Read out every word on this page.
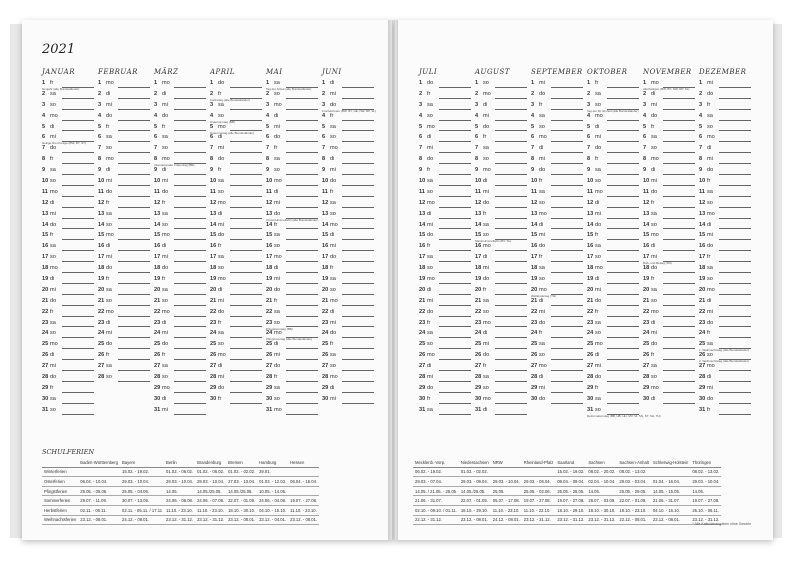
2021
JANUAR
1 fr
Neujahr (alle Bundesländer)
2 sa
3 so
4 mo
5 di
6 mi
Heilige Drei Könige (BW, BY, ST)
7 do
8 fr
9 sa
10 so
11 mo
12 di
13 mi
14 do
15 fr
16 sa
17 so
18 mo
19 di
20 mi
21 do
22 fr
23 sa
24 so
25 mo
26 di
27 mi
28 do
29 fr
30 sa
31 so
FEBRUAR
1 mo
2 di
3 mi
4 do
5 fr
6 sa
7 so
8 mo
9 di
10 mi
11 do
12 fr
13 sa
14 so
15 mo
16 di
17 mi
18 do
19 fr
20 sa
21 so
22 mo
23 di
24 mi
25 do
26 fr
27 sa
28 so
MÄRZ
1 mo
2 di
3 mi
4 do
5 fr
6 sa
7 so
8 mo
Internationaler Frauentag (BE)
9 di
10 mi
11 do
12 fr
13 sa
14 so
15 mo
16 di
17 mi
18 do
19 fr
20 sa
21 so
22 mo
23 di
24 mi
25 do
26 fr
27 sa
28 so
29 mo
30 di
31 mi
APRIL
1 do
2 fr
Karfreitag (alle Bundesländer)
3 sa
4 so
Ostersonntag (BB)
5 mo
Ostermontag (alle Bundesländer)
6 di
7 mi
8 do
9 fr
10 sa
11 so
12 mo
13 di
14 mi
15 do
16 fr
17 sa
18 so
19 mo
20 di
21 mi
22 do
23 fr
24 sa
25 so
26 mo
27 di
28 mi
29 do
30 fr
MAI
1 sa
Tag der Arbeit (alle Bundesländer)
2 so
3 mo
4 di
5 mi
6 do
7 fr
8 sa
9 so
10 mo
11 di
12 mi
13 do
Christi Himmelfahrt (alle Bundesländer)
14 fr
15 sa
16 so
17 mo
18 di
19 mi
20 do
21 fr
22 sa
23 so
Pfingstsonntag (BB)
24 mo
Pfingstmontag (alle Bundesländer)
25 di
26 mi
27 do
28 fr
29 sa
30 so
31 mo
JUNI
1 di
2 mi
3 do
Fronleichnam (BW, BY, HE, NW, RP, SL)
4 fr
5 sa
6 so
7 mo
8 di
9 mi
10 do
11 fr
12 sa
13 so
14 mo
15 di
16 mi
17 do
18 fr
19 sa
20 so
21 mo
22 di
23 mi
24 do
25 fr
26 sa
27 so
28 mo
29 di
30 mi
SCHULFERIEN
	Baden-Württemberg	Bayern	Berlin	Brandenburg	Bremen	Hamburg	Hessen
Winterferien		15.02. - 19.02.	01.02. - 06.02.	01.02. - 06.02.	01.02. - 02.02.	29.01.	
Osterferien	06.04. - 10.04.	29.03. - 10.04.	29.03. - 10.04.	29.03. - 10.04.	27.03. - 10.04.	01.03. - 12.03.	06.04. - 16.04.
Pfingstferien	25.05. - 05.06.	25.05. - 04.06.	14.05.	14.05./25.05.	14.05./25.05.	10.05. - 14.05.	
Sommerferien	29.07. - 11.09.	30.07. - 13.09.	24.06. - 06.08.	24.06. - 07.08.	22.07. - 01.09.	24.06. - 04.08.	19.07. - 27.08.
Herbstferien	02.11. - 06.11.	02.11. - 05.11. / 17.11	11.10. - 23.10.	11.10. - 23.10.	18.10. - 30.10.	04.10. - 15.10.	11.10. - 23.10.
Weihnachtsferien	23.12. - 08.01.	24.12. - 08.01.	23.12. - 31.12.	23.12. - 31.12.	23.12. - 08.01.	23.12. - 04.01.	23.12. - 08.01.
JULI
1 do
2 fr
3 sa
4 so
5 mo
6 di
7 mi
8 do
9 fr
10 sa
11 so
12 mo
13 di
14 mi
15 do
16 fr
17 sa
18 so
19 mo
20 di
21 mi
22 do
23 fr
24 sa
25 so
26 mo
27 di
28 mi
29 do
30 fr
31 sa
AUGUST
1 so
2 mo
3 di
4 mi
5 do
6 fr
7 sa
8 so
9 mo
10 di
11 mi
12 do
13 fr
14 sa
15 so
Mariä Himmelfahrt (BY, SL)
16 mo
17 di
18 mi
19 do
20 fr
21 sa
22 so
23 mo
24 di
25 mi
26 do
27 fr
28 sa
29 so
30 mo
31 di
SEPTEMBER
1 mi
2 do
3 fr
4 sa
5 so
6 mo
7 di
8 mi
9 do
10 fr
11 sa
12 so
13 mo
14 di
15 mi
16 do
17 fr
18 sa
19 so
20 mo
Weltkindertag (TH)
21 di
22 mi
23 do
24 fr
25 sa
26 so
27 mo
28 di
29 mi
30 do
OKTOBER
1 fr
2 sa
3 so
Tag der Dt. Einheit (alle Bundesländer)
4 mo
5 di
6 mi
7 do
8 fr
9 sa
10 so
11 mo
12 di
13 mi
14 do
15 fr
16 sa
17 so
18 mo
19 di
20 mi
21 do
22 fr
23 sa
24 so
25 mo
26 di
27 mi
28 do
29 fr
30 sa
31 so
Reformationstag (BB, HB, HH, MV, NI, SN, ST, SH, TH)
NOVEMBER
1 mo
Allerheiligen (BW, BY, NW, RP, SL)
2 di
3 mi
4 do
5 fr
6 sa
7 so
8 mo
9 di
10 mi
11 do
12 fr
13 sa
14 so
15 mo
16 di
17 mi
Buß- und Bettag (SN)
18 do
19 fr
20 sa
21 so
22 mo
23 di
24 mi
25 do
26 fr
27 sa
28 so
29 mo
30 di
DEZEMBER
1 mi
2 do
3 fr
4 sa
5 so
6 mo
7 di
8 mi
9 do
10 fr
11 sa
12 so
13 mo
14 di
15 mi
16 do
17 fr
18 sa
19 so
20 mo
21 di
22 mi
23 do
24 fr
25 sa
1. Weihnachtstag (alle Bundesländer)
26 so
2. Weihnachtstag (alle Bundesländer)
27 mo
28 di
29 mi
30 do
31 fr
Mecklenb.-Vorp.	Niedersachsen	NRW	Rheinland-Pfalz	Saarland	Sachsen	Sachsen-Anhalt	Schleswig-Holstein	Thüringen
06.02. - 19.02.	01.02. - 02.02.			15.02. - 19.02.	08.02. - 20.02.	08.02. - 13.02.		08.02. - 13.02.
29.03. - 07.04.	29.03. - 09.04.	29.03. - 10.04.	29.03. - 06.04.	06.04. - 09.04.	02.04. - 10.04.	29.03. - 03.04.	01.04. - 16.04.	29.03. - 10.04.
14.05. / 21.05. - 25.05	14.05./25.05.	25.05.	25.05. - 02.06.	25.05. - 28.05.	14.05.	25.05. - 29.05.	14.05. - 15.05.	14.05.
21.06. - 31.07.	22.07. - 01.09.	05.07. - 17.08.	19.07. - 27.08.	19.07. - 27.08.	26.07. - 03.09.	22.07. - 01.09.	21.06. - 31.07.	19.07. - 27.08.
02.10. - 09.10. / 01.11.	18.10. - 29.10.	11.10. - 23.10.	11.10. - 22.10.	18.10. - 29.10.	18.10. - 30.10.	18.10. - 23.10.	04.10. - 16.10.	25.10. - 06.11.
22.12. - 31.12.	23.12. - 08.01.	24.12. - 08.01.	23.12. - 31.12.	23.12. - 31.12.	23.12. - 31.12.	22.12. - 08.01.	23.12. - 08.01.	23.12. - 31.12.
* Alle Kalenderangaben ohne Gewähr
